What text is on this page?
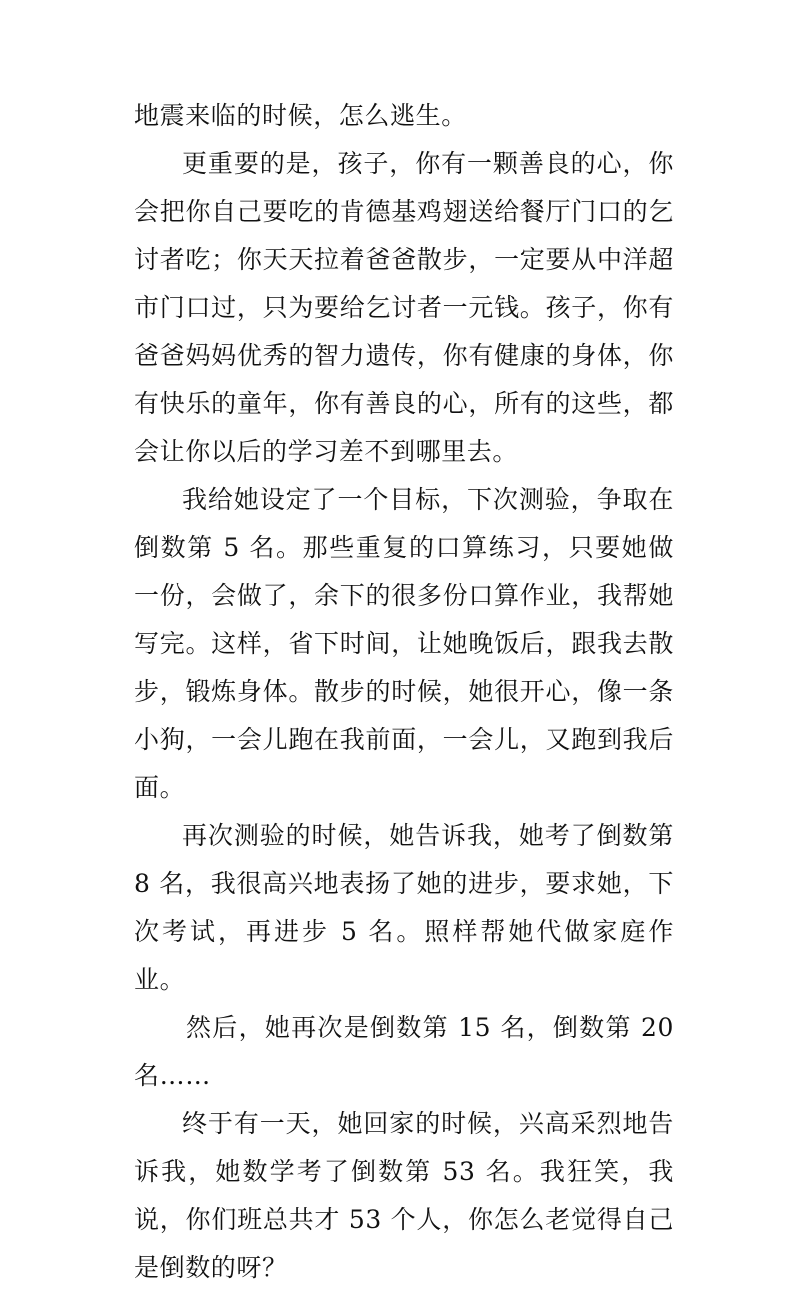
地震来临的时候，怎么逃生。

更重要的是，孩子，你有一颗善良的心，你会把你自己要吃的肯德基鸡翅送给餐厅门口的乞讨者吃；你天天拉着爸爸散步，一定要从中洋超市门口过，只为要给乞讨者一元钱。孩子，你有爸爸妈妈优秀的智力遗传，你有健康的身体，你有快乐的童年，你有善良的心，所有的这些，都会让你以后的学习差不到哪里去。

我给她设定了一个目标，下次测验，争取在倒数第 5 名。那些重复的口算练习，只要她做一份，会做了，余下的很多份口算作业，我帮她写完。这样，省下时间，让她晚饭后，跟我去散步，锻炼身体。散步的时候，她很开心，像一条小狗，一会儿跑在我前面，一会儿，又跑到我后面。

再次测验的时候，她告诉我，她考了倒数第 8 名，我很高兴地表扬了她的进步，要求她，下次考试，再进步 5 名。照样帮她代做家庭作业。

然后，她再次是倒数第 15 名，倒数第 20 名……

终于有一天，她回家的时候，兴高采烈地告诉我，她数学考了倒数第 53 名。我狂笑，我说，你们班总共才 53 个人，你怎么老觉得自己是倒数的呀？
